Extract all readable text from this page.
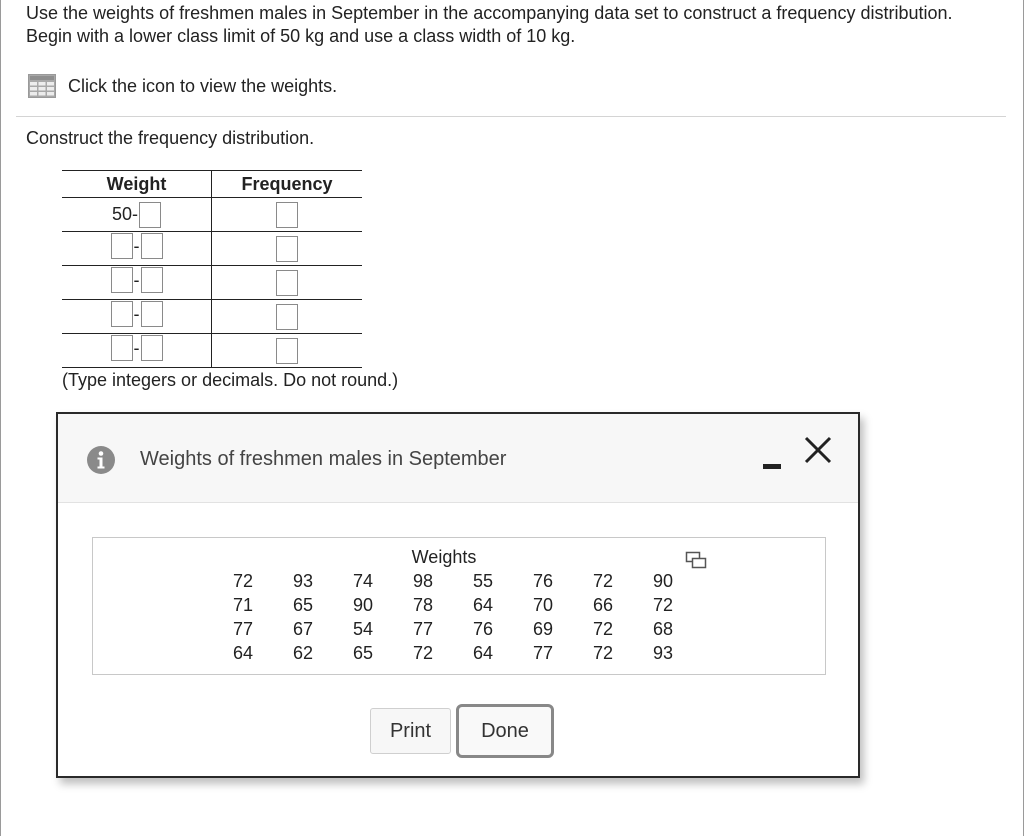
Use the weights of freshmen males in September in the accompanying data set to construct a frequency distribution. Begin with a lower class limit of 50 kg and use a class width of 10 kg.
Click the icon to view the weights.
Construct the frequency distribution.
Weight	Frequency

50-	

-	

-	

-	

-	

(Type integers or decimals. Do not round.)
Weights of freshmen males in September
Weights
72	93	74	98	55	76	72	90
71	65	90	78	64	70	66	72
77	67	54	77	76	69	72	68
64	62	65	72	64	77	72	93
Print	Done
